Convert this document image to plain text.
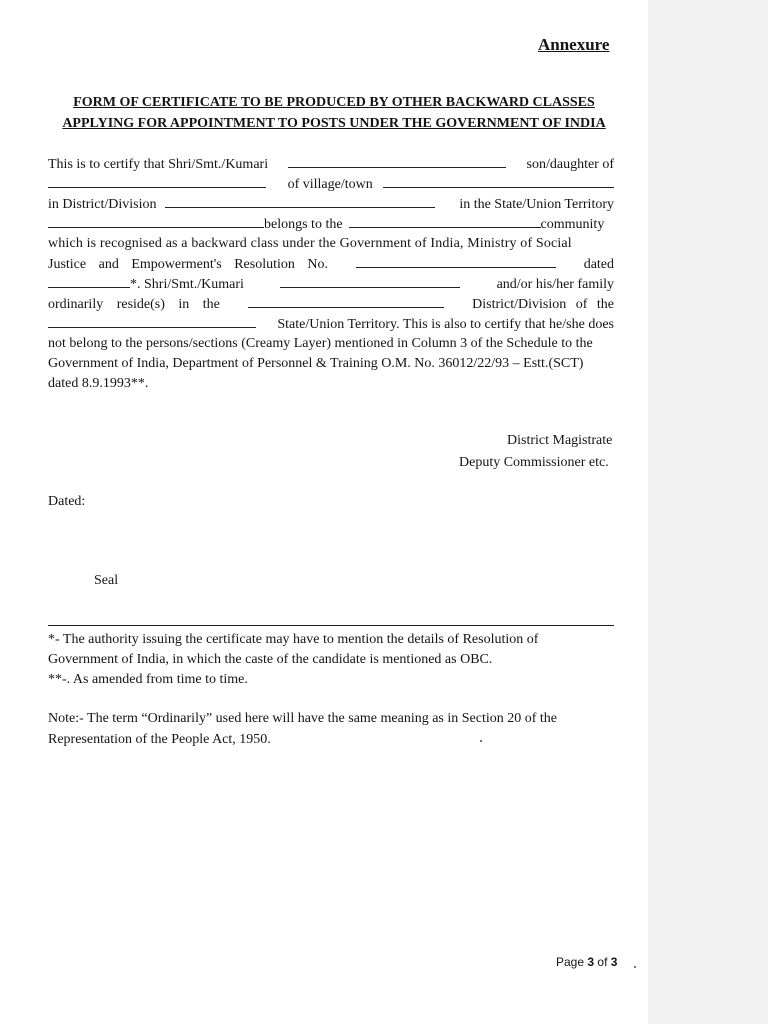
Annexure
FORM OF CERTIFICATE TO BE PRODUCED BY OTHER BACKWARD CLASSES
APPLYING FOR APPOINTMENT TO POSTS UNDER THE GOVERNMENT OF INDIA
This is to certify that Shri/Smt./Kumari	son/daughter of
of village/town
in District/Division	in the State/Union Territory
belongs to the	community
which is recognised as a backward class under the Government of India, Ministry of Social
Justice and Empowerment's Resolution No.	dated
*. Shri/Smt./Kumari	and/or his/her family
ordinarily reside(s) in the	District/Division of the
State/Union Territory. This is also to certify that he/she does
not belong to the persons/sections (Creamy Layer) mentioned in Column 3 of the Schedule to the
Government of India, Department of Personnel & Training O.M. No. 36012/22/93 – Estt.(SCT)
dated 8.9.1993**.
District Magistrate
Deputy Commissioner etc.
Dated:
Seal
*- The authority issuing the certificate may have to mention the details of Resolution of
Government of India, in which the caste of the candidate is mentioned as OBC.
**-. As amended from time to time.
Note:- The term “Ordinarily” used here will have the same meaning as in Section 20 of the
Representation of the People Act, 1950.
Page 3 of 3
